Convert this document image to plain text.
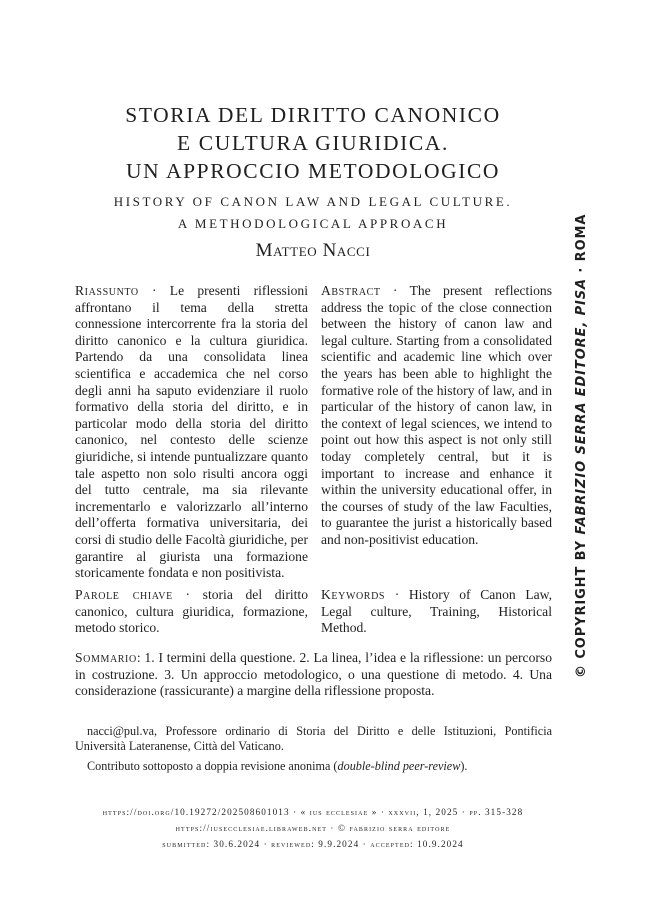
STORIA DEL DIRITTO CANONICO
E CULTURA GIURIDICA.
UN APPROCCIO METODOLOGICO
HISTORY OF CANON LAW AND LEGAL CULTURE.
A METHODOLOGICAL APPROACH
Matteo Nacci
Riassunto · Le presenti riflessioni affrontano il tema della stretta connessione intercorrente fra la storia del diritto canonico e la cultura giuridica. Partendo da una consolidata linea scientifica e accademica che nel corso degli anni ha saputo evidenziare il ruolo formativo della storia del diritto, e in particolar modo della storia del diritto canonico, nel contesto delle scienze giuridiche, si intende puntualizzare quanto tale aspetto non solo risulti ancora oggi del tutto centrale, ma sia rilevante incrementarlo e valorizzarlo all’interno dell’offerta formativa universitaria, dei corsi di studio delle Facoltà giuridiche, per garantire al giurista una formazione storicamente fondata e non positivista.
Abstract · The present reflections address the topic of the close connection between the history of canon law and legal culture. Starting from a consolidated scientific and academic line which over the years has been able to highlight the formative role of the history of law, and in particular of the history of canon law, in the context of legal sciences, we intend to point out how this aspect is not only still today completely central, but it is important to increase and enhance it within the university educational offer, in the courses of study of the law Faculties, to guarantee the jurist a historically based and non-positivist education.
Parole chiave · storia del diritto canonico, cultura giuridica, formazione, metodo storico.
Keywords · History of Canon Law, Legal culture, Training, Historical Method.
Sommario: 1. I termini della questione. 2. La linea, l’idea e la riflessione: un percorso in costruzione. 3. Un approccio metodologico, o una questione di metodo. 4. Una considerazione (rassicurante) a margine della riflessione proposta.
nacci@pul.va, Professore ordinario di Storia del Diritto e delle Istituzioni, Pontificia Università Lateranense, Città del Vaticano.
Contributo sottoposto a doppia revisione anonima (double-blind peer-review).
https://doi.org/10.19272/202508601013 · « ius ecclesiae » · xxxvii, 1, 2025 · pp. 315-328
https://iusecclesiae.libraweb.net · © fabrizio serra editore
submitted: 30.6.2024 · reviewed: 9.9.2024 · accepted: 10.9.2024
© COPYRIGHT BY FABRIZIO SERRA EDITORE, PISA · ROMA
